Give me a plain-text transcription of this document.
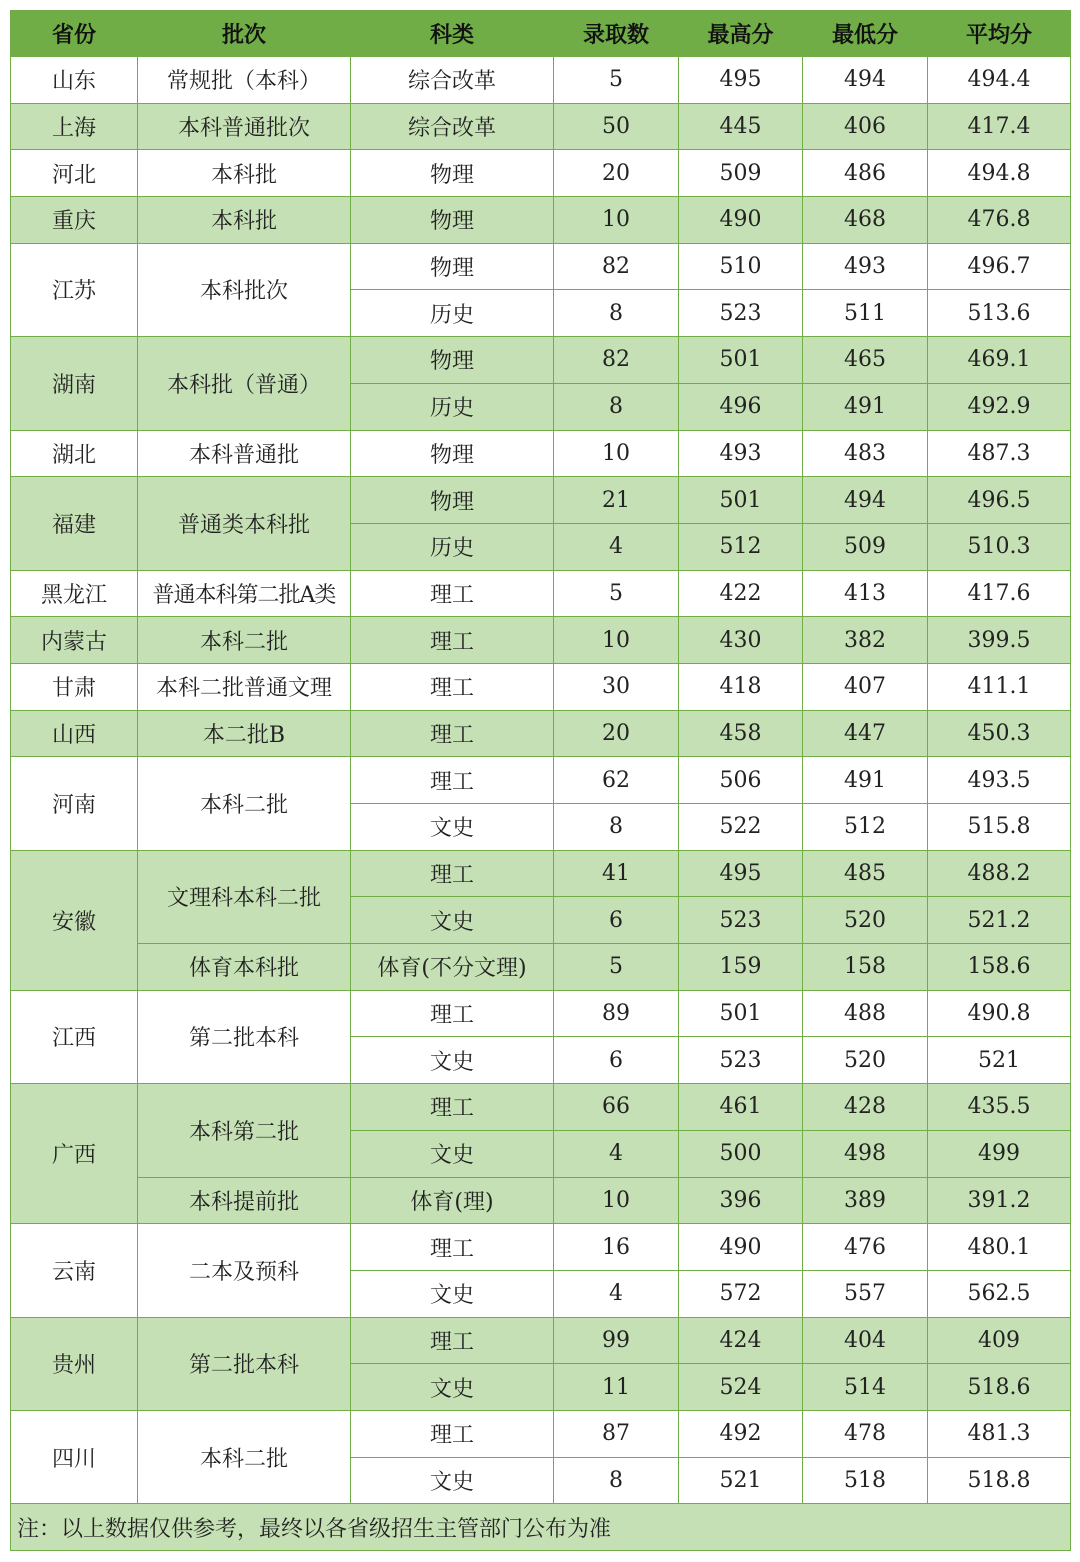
省份	批次	科类	录取数	最高分	最低分	平均分
山东	常规批（本科）	综合改革	5	495	494	494.4
上海	本科普通批次	综合改革	50	445	406	417.4
河北	本科批	物理	20	509	486	494.8
重庆	本科批	物理	10	490	468	476.8
江苏	本科批次	物理	82	510	493	496.7
		历史	8	523	511	513.6
湖南	本科批（普通）	物理	82	501	465	469.1
		历史	8	496	491	492.9
湖北	本科普通批	物理	10	493	483	487.3
福建	普通类本科批	物理	21	501	494	496.5
		历史	4	512	509	510.3
黑龙江	普通本科第二批A类	理工	5	422	413	417.6
内蒙古	本科二批	理工	10	430	382	399.5
甘肃	本科二批普通文理	理工	30	418	407	411.1
山西	本二批B	理工	20	458	447	450.3
河南	本科二批	理工	62	506	491	493.5
		文史	8	522	512	515.8
安徽	文理科本科二批	理工	41	495	485	488.2
		文史	6	523	520	521.2
	体育本科批	体育(不分文理)	5	159	158	158.6
江西	第二批本科	理工	89	501	488	490.8
		文史	6	523	520	521
广西	本科第二批	理工	66	461	428	435.5
		文史	4	500	498	499
	本科提前批	体育(理)	10	396	389	391.2
云南	二本及预科	理工	16	490	476	480.1
		文史	4	572	557	562.5
贵州	第二批本科	理工	99	424	404	409
		文史	11	524	514	518.6
四川	本科二批	理工	87	492	478	481.3
		文史	8	521	518	518.8
注：以上数据仅供参考，最终以各省级招生主管部门公布为准						
